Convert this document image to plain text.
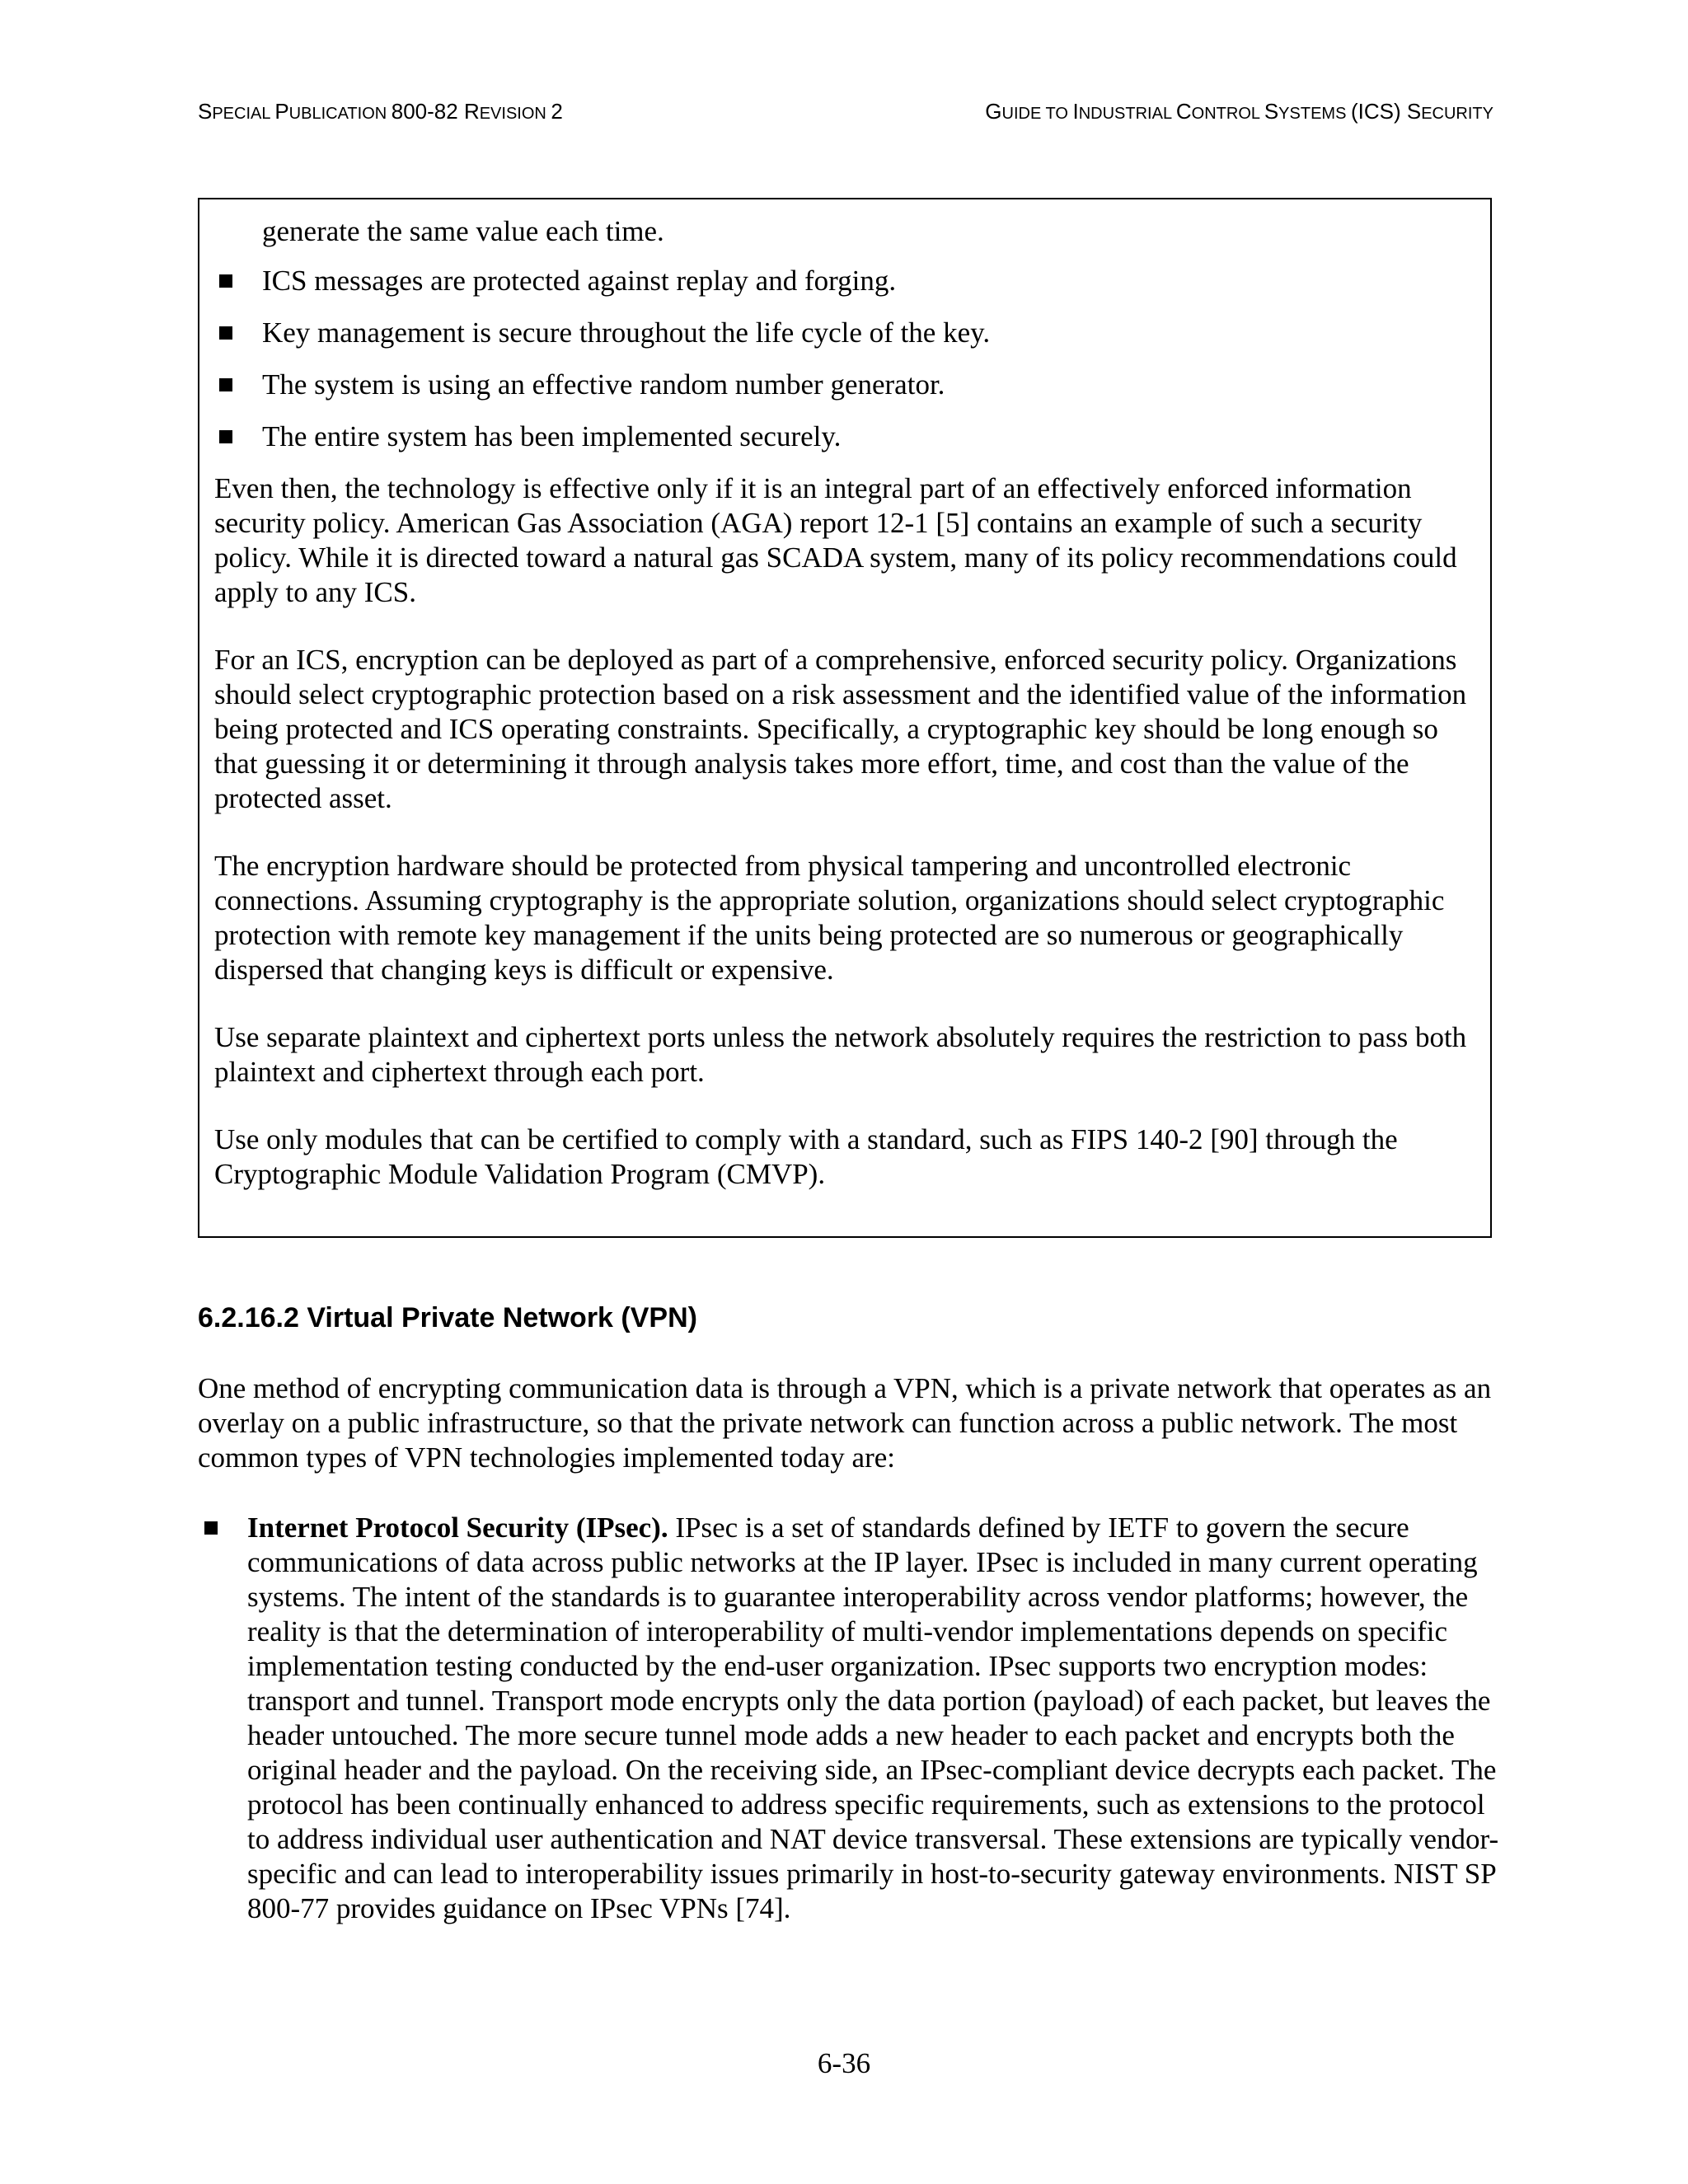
SPECIAL PUBLICATION 800-82 REVISION 2	GUIDE TO INDUSTRIAL CONTROL SYSTEMS (ICS) SECURITY
generate the same value each time.
ICS messages are protected against replay and forging.
Key management is secure throughout the life cycle of the key.
The system is using an effective random number generator.
The entire system has been implemented securely.

Even then, the technology is effective only if it is an integral part of an effectively enforced information security policy. American Gas Association (AGA) report 12-1 [5] contains an example of such a security policy. While it is directed toward a natural gas SCADA system, many of its policy recommendations could apply to any ICS.

For an ICS, encryption can be deployed as part of a comprehensive, enforced security policy. Organizations should select cryptographic protection based on a risk assessment and the identified value of the information being protected and ICS operating constraints. Specifically, a cryptographic key should be long enough so that guessing it or determining it through analysis takes more effort, time, and cost than the value of the protected asset.

The encryption hardware should be protected from physical tampering and uncontrolled electronic connections. Assuming cryptography is the appropriate solution, organizations should select cryptographic protection with remote key management if the units being protected are so numerous or geographically dispersed that changing keys is difficult or expensive.

Use separate plaintext and ciphertext ports unless the network absolutely requires the restriction to pass both plaintext and ciphertext through each port.

Use only modules that can be certified to comply with a standard, such as FIPS 140-2 [90] through the Cryptographic Module Validation Program (CMVP).

6.2.16.2 Virtual Private Network (VPN)

One method of encrypting communication data is through a VPN, which is a private network that operates as an overlay on a public infrastructure, so that the private network can function across a public network. The most common types of VPN technologies implemented today are:

Internet Protocol Security (IPsec). IPsec is a set of standards defined by IETF to govern the secure communications of data across public networks at the IP layer. IPsec is included in many current operating systems. The intent of the standards is to guarantee interoperability across vendor platforms; however, the reality is that the determination of interoperability of multi-vendor implementations depends on specific implementation testing conducted by the end-user organization. IPsec supports two encryption modes: transport and tunnel. Transport mode encrypts only the data portion (payload) of each packet, but leaves the header untouched. The more secure tunnel mode adds a new header to each packet and encrypts both the original header and the payload. On the receiving side, an IPsec-compliant device decrypts each packet. The protocol has been continually enhanced to address specific requirements, such as extensions to the protocol to address individual user authentication and NAT device transversal. These extensions are typically vendor-specific and can lead to interoperability issues primarily in host-to-security gateway environments. NIST SP 800-77 provides guidance on IPsec VPNs [74].
6-36
